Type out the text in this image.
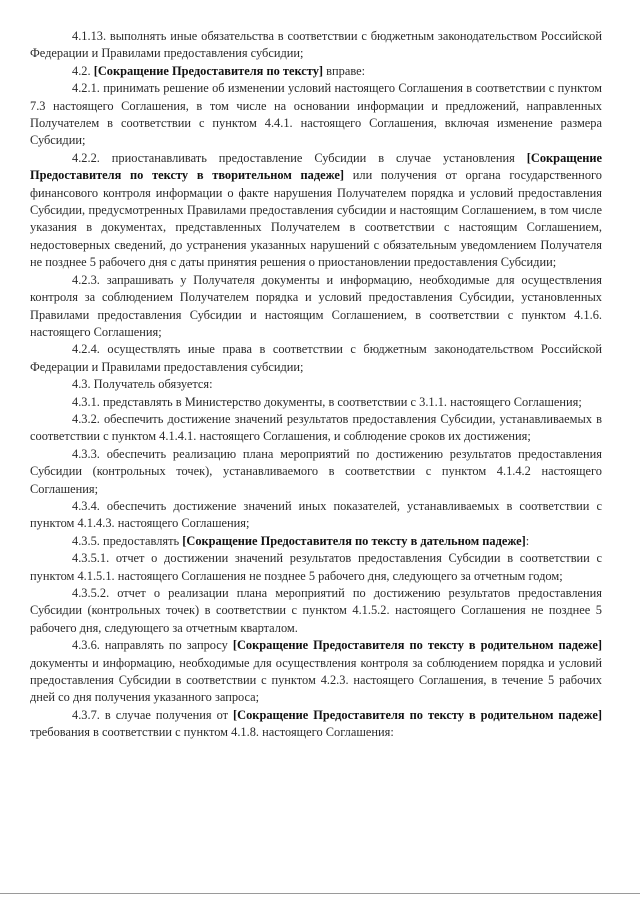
4.1.13. выполнять иные обязательства в соответствии с бюджетным законодательством Российской Федерации и Правилами предоставления субсидии;

4.2. [Сокращение Предоставителя по тексту] вправе:

4.2.1. принимать решение об изменении условий настоящего Соглашения в соответствии с пунктом 7.3 настоящего Соглашения, в том числе на основании информации и предложений, направленных Получателем в соответствии с пунктом 4.4.1. настоящего Соглашения, включая изменение размера Субсидии;

4.2.2. приостанавливать предоставление Субсидии в случае установления [Сокращение Предоставителя по тексту в творительном падеже] или получения от органа государственного финансового контроля информации о факте нарушения Получателем порядка и условий предоставления Субсидии, предусмотренных Правилами предоставления субсидии и настоящим Соглашением, в том числе указания в документах, представленных Получателем в соответствии с настоящим Соглашением, недостоверных сведений, до устранения указанных нарушений с обязательным уведомлением Получателя не позднее 5 рабочего дня с даты принятия решения о приостановлении предоставления Субсидии;

4.2.3. запрашивать у Получателя документы и информацию, необходимые для осуществления контроля за соблюдением Получателем порядка и условий предоставления Субсидии, установленных Правилами предоставления Субсидии и настоящим Соглашением, в соответствии с пунктом 4.1.6. настоящего Соглашения;

4.2.4. осуществлять иные права в соответствии с бюджетным законодательством Российской Федерации и Правилами предоставления субсидии;

4.3. Получатель обязуется:

4.3.1. представлять в Министерство документы, в соответствии с 3.1.1. настоящего Соглашения;

4.3.2. обеспечить достижение значений результатов предоставления Субсидии, устанавливаемых в соответствии с пунктом 4.1.4.1. настоящего Соглашения, и соблюдение сроков их достижения;

4.3.3. обеспечить реализацию плана мероприятий по достижению результатов предоставления Субсидии (контрольных точек), устанавливаемого в соответствии с пунктом 4.1.4.2 настоящего Соглашения;

4.3.4. обеспечить достижение значений иных показателей, устанавливаемых в соответствии с пунктом 4.1.4.3. настоящего Соглашения;

4.3.5. предоставлять [Сокращение Предоставителя по тексту в дательном падеже]:

4.3.5.1. отчет о достижении значений результатов предоставления Субсидии в соответствии с пунктом 4.1.5.1. настоящего Соглашения не позднее 5 рабочего дня, следующего за отчетным годом;

4.3.5.2. отчет о реализации плана мероприятий по достижению результатов предоставления Субсидии (контрольных точек) в соответствии с пунктом 4.1.5.2. настоящего Соглашения не позднее 5 рабочего дня, следующего за отчетным кварталом.

4.3.6. направлять по запросу [Сокращение Предоставителя по тексту в родительном падеже] документы и информацию, необходимые для осуществления контроля за соблюдением порядка и условий предоставления Субсидии в соответствии с пунктом 4.2.3. настоящего Соглашения, в течение 5 рабочих дней со дня получения указанного запроса;

4.3.7. в случае получения от [Сокращение Предоставителя по тексту в родительном падеже] требования в соответствии с пунктом 4.1.8. настоящего Соглашения:
